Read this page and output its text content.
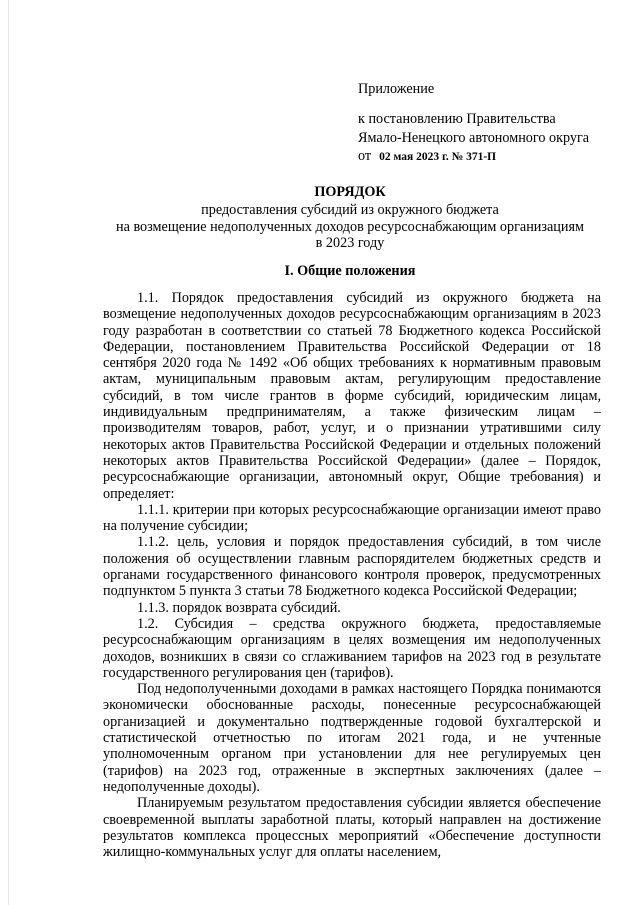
Приложение
к постановлению Правительства
Ямало-Ненецкого автономного округа
от 02 мая 2023 г. № 371-П
ПОРЯДОК
предоставления субсидий из окружного бюджета
на возмещение недополученных доходов ресурсоснабжающим организациям
в 2023 году
I. Общие положения

1.1. Порядок предоставления субсидий из окружного бюджета на возмещение недополученных доходов ресурсоснабжающим организациям в 2023 году разработан в соответствии со статьей 78 Бюджетного кодекса Российской Федерации, постановлением Правительства Российской Федерации от 18 сентября 2020 года № 1492 «Об общих требованиях к нормативным правовым актам, муниципальным правовым актам, регулирующим предоставление субсидий, в том числе грантов в форме субсидий, юридическим лицам, индивидуальным предпринимателям, а также физическим лицам – производителям товаров, работ, услуг, и о признании утратившими силу некоторых актов Правительства Российской Федерации и отдельных положений некоторых актов Правительства Российской Федерации» (далее – Порядок, ресурсоснабжающие организации, автономный округ, Общие требования) и определяет:

1.1.1. критерии при которых ресурсоснабжающие организации имеют право на получение субсидии;

1.1.2. цель, условия и порядок предоставления субсидий, в том числе положения об осуществлении главным распорядителем бюджетных средств и органами государственного финансового контроля проверок, предусмотренных подпунктом 5 пункта 3 статьи 78 Бюджетного кодекса Российской Федерации;

1.1.3. порядок возврата субсидий.

1.2. Субсидия – средства окружного бюджета, предоставляемые ресурсоснабжающим организациям в целях возмещения им недополученных доходов, возникших в связи со сглаживанием тарифов на 2023 год в результате государственного регулирования цен (тарифов).

Под недополученными доходами в рамках настоящего Порядка понимаются экономически обоснованные расходы, понесенные ресурсоснабжающей организацией и документально подтвержденные годовой бухгалтерской и статистической отчетностью по итогам 2021 года, и не учтенные уполномоченным органом при установлении для нее регулируемых цен (тарифов) на 2023 год, отраженные в экспертных заключениях (далее – недополученные доходы).

Планируемым результатом предоставления субсидии является обеспечение своевременной выплаты заработной платы, который направлен на достижение результатов комплекса процессных мероприятий «Обеспечение доступности жилищно-коммунальных услуг для оплаты населением,
